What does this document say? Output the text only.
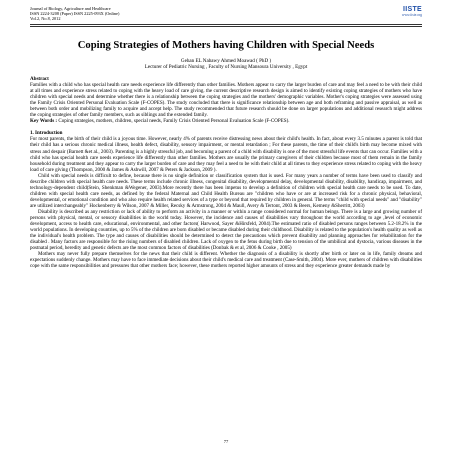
Journal of Biology, Agriculture and Healthcare
ISSN 2224-3208 (Paper) ISSN 2225-093X (Online)
Vol.2, No.8, 2012
IISTE
www.iiste.org
Coping Strategies of Mothers having Children with Special Needs
Gehan EL Nabawy Ahmed Moawad ( PhD )
Lecturer of Pediatric Nursing , Faculty of Nursing Mansoura University , Egypt
Abstract

Families with a child who has special health care needs experience life differently than other families. Mothers appear to carry the larger burden of care and may feel a need to be with their child at all times and experience stress related to coping with the heavy load of care giving. the current descriptive research design is aimed to identify existing coping strategies of mothers who have children with special needs and determine whether there is a relationship between the coping strategies and the mothers' demographic variables. Mother's coping strategies were assessed using the Family Crisis Oriented Personal Evaluation Scale (F-COPES). The study concluded that there is significance relationship between age and both reframing and passive appraisal, as well as between both order and mobilizing family to acquire and accept help. The study recommended that future research should be done on larger populations and additional research might address the coping strategies of other family members, such as siblings and the extended family.

Key Words : Coping strategies, mothers, children, special needs, Family Crisis Oriented Personal Evaluation Scale (F-COPES).

1. Introduction

For most parents, the birth of their child is a joyous time. However, nearly 4% of parents receive distressing news about their child's health. In fact, about every 3.5 minutes a parent is told that their child has a serious chronic medical illness, health defect, disability, sensory impairment, or mental retardation ; For these parents, the time of their child's birth may become mixed with stress and despair (Barnett &et al., 2003). Parenting is a highly stressful job, and becoming a parent of a child with disability is one of the most stressful life events that can occur. Families with a child who has special health care needs experience life differently than other families. Mothers are usually the primary caregivers of their children because most of them remain in the family household during treatment and they appear to carry the larger burden of care and they may feel a need to be with their child at all times to they experience stress related to coping with the heavy load of care giving (Thompson, 2000 & James & Ashwill, 2007 & Peters & Jackson, 2009 ).

Child with special needs is difficult to define, because there is no single definition or classification system that is used. For many years a number of terms have been used to classify and describe children with special health care needs. These terms include chronic illness, congenital disability, developmental delay, developmental disability, disability, handicap, impairment, and technology-dependent child(Stein, Shenkman &Wegener, 2003).More recently there has been impetus to develop a definition of children with special health care needs to be used. To date, children with special health care needs, as defined by the federal Maternal and Child Health Bureau are "children who have or are at increased risk for a chronic physical, behavioral, developmental, or emotional condition and who also require health related services of a type or beyond that required by children in general. The terms "child with special needs" and "disability" are utilized interchangeably" Hockenberry & Wilson, 2007 & Miller, Recsky & Armstrong, 2004 & Maull, Avery & Tertont, 2003 & Beers, Kemeny &Sherritt, 2003)

Disability is described as any restriction or lack of ability to perform an activity in a manner or within a range considered normal for human beings. There is a large and growing number of persons with physical, mental, or sensory disabilities in the world today. However, the incidence and causes of disabilities vary throughout the world according to age ,level of economic development, access to health care, educational, environmental, and other factors( Harwood, Sayer &Hirsfeld, 2004).The estimated ratio of disabled persons ranges between 5.2-18.2% in the world populations. In developing countries, up to 5% of the children are born disabled or became disabled during their childhood. Disability is related to the population's health quality as well as the individual's health problem. The type and causes of disabilities should be determined to detect the precautions which prevent disability and planning approaches for rehabilitation for the disabled . Many factors are responsible for the rising numbers of disabled children. Lack of oxygen to the fetus during birth due to tension of the umbilical and dystocia, various diseases in the postnatal period, heredity and genetic defects are the most common factors of disabilities (Donbak & et al, 2006 & Cooke , 2005)

Mothers may never fully prepare themselves for the news that their child is different. Whether the diagnosis of a disability is shortly after birth or later on in life, family dreams and expectations suddenly change. Mothers may have to face immediate decisions about their child's medical care and treatment (Case-Smith, 2004). More ever, mothers of children with disabilities cope with the same responsibilities and pressures that other mothers face; however, these mothers reported higher amounts of stress and they experience greater demands made by

77
